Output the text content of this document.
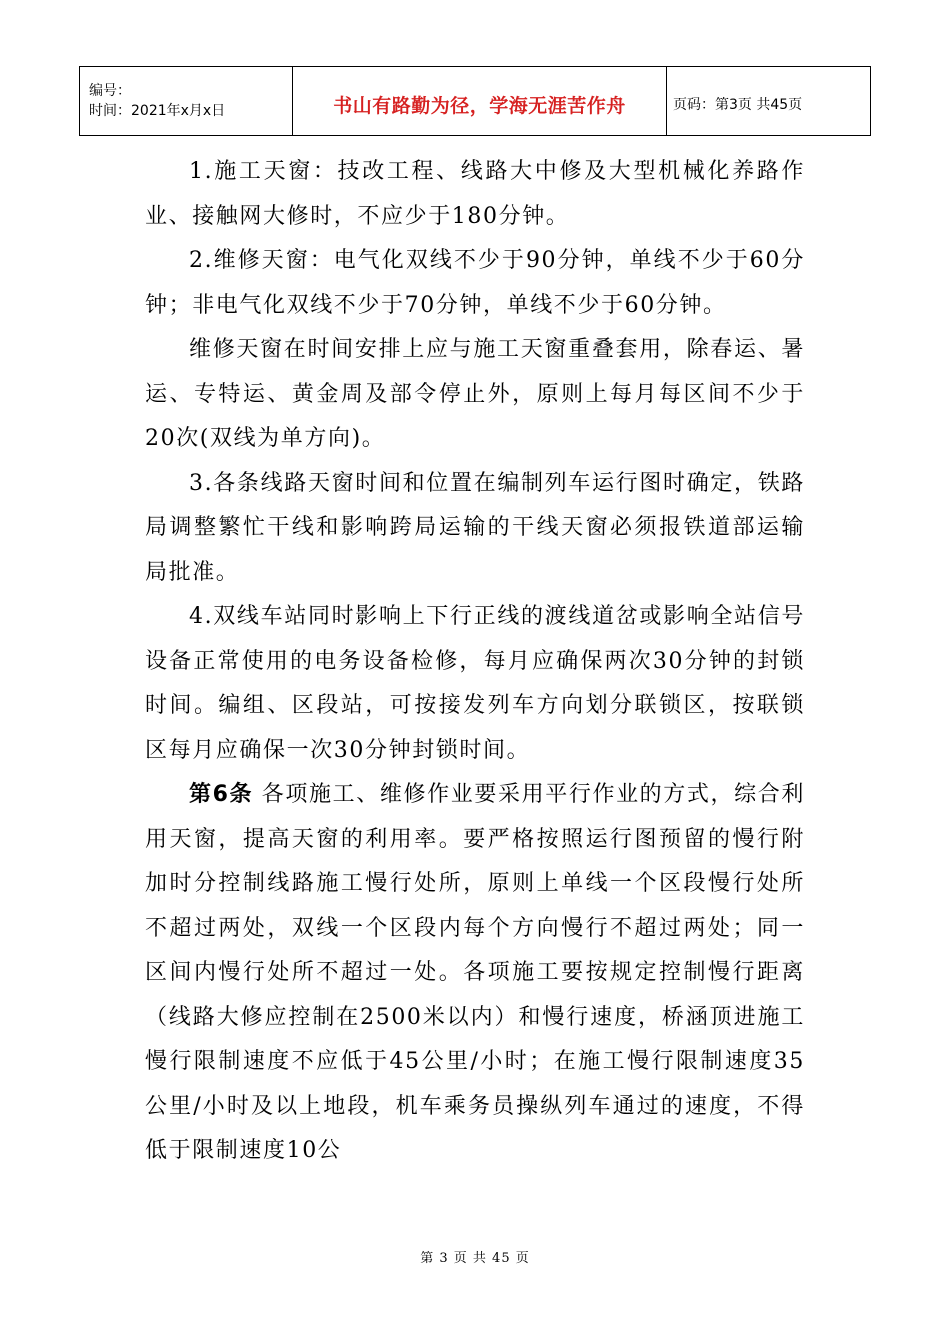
编号：
时间：2021年x月x日	书山有路勤为径，学海无涯苦作舟	页码：第3页 共45页

1.施工天窗：技改工程、线路大中修及大型机械化养路作业、接触网大修时，不应少于180分钟。

2.维修天窗：电气化双线不少于90分钟，单线不少于60分钟；非电气化双线不少于70分钟，单线不少于60分钟。

维修天窗在时间安排上应与施工天窗重叠套用，除春运、暑运、专特运、黄金周及部令停止外，原则上每月每区间不少于20次(双线为单方向)。

3.各条线路天窗时间和位置在编制列车运行图时确定，铁路局调整繁忙干线和影响跨局运输的干线天窗必须报铁道部运输局批准。

4.双线车站同时影响上下行正线的渡线道岔或影响全站信号设备正常使用的电务设备检修，每月应确保两次30分钟的封锁时间。编组、区段站，可按接发列车方向划分联锁区，按联锁区每月应确保一次30分钟封锁时间。

第6条 各项施工、维修作业要采用平行作业的方式，综合利用天窗，提高天窗的利用率。要严格按照运行图预留的慢行附加时分控制线路施工慢行处所，原则上单线一个区段慢行处所不超过两处，双线一个区段内每个方向慢行不超过两处；同一区间内慢行处所不超过一处。各项施工要按规定控制慢行距离（线路大修应控制在2500米以内）和慢行速度，桥涵顶进施工慢行限制速度不应低于45公里/小时；在施工慢行限制速度35公里/小时及以上地段，机车乘务员操纵列车通过的速度，不得低于限制速度10公

第 3 页 共 45 页
